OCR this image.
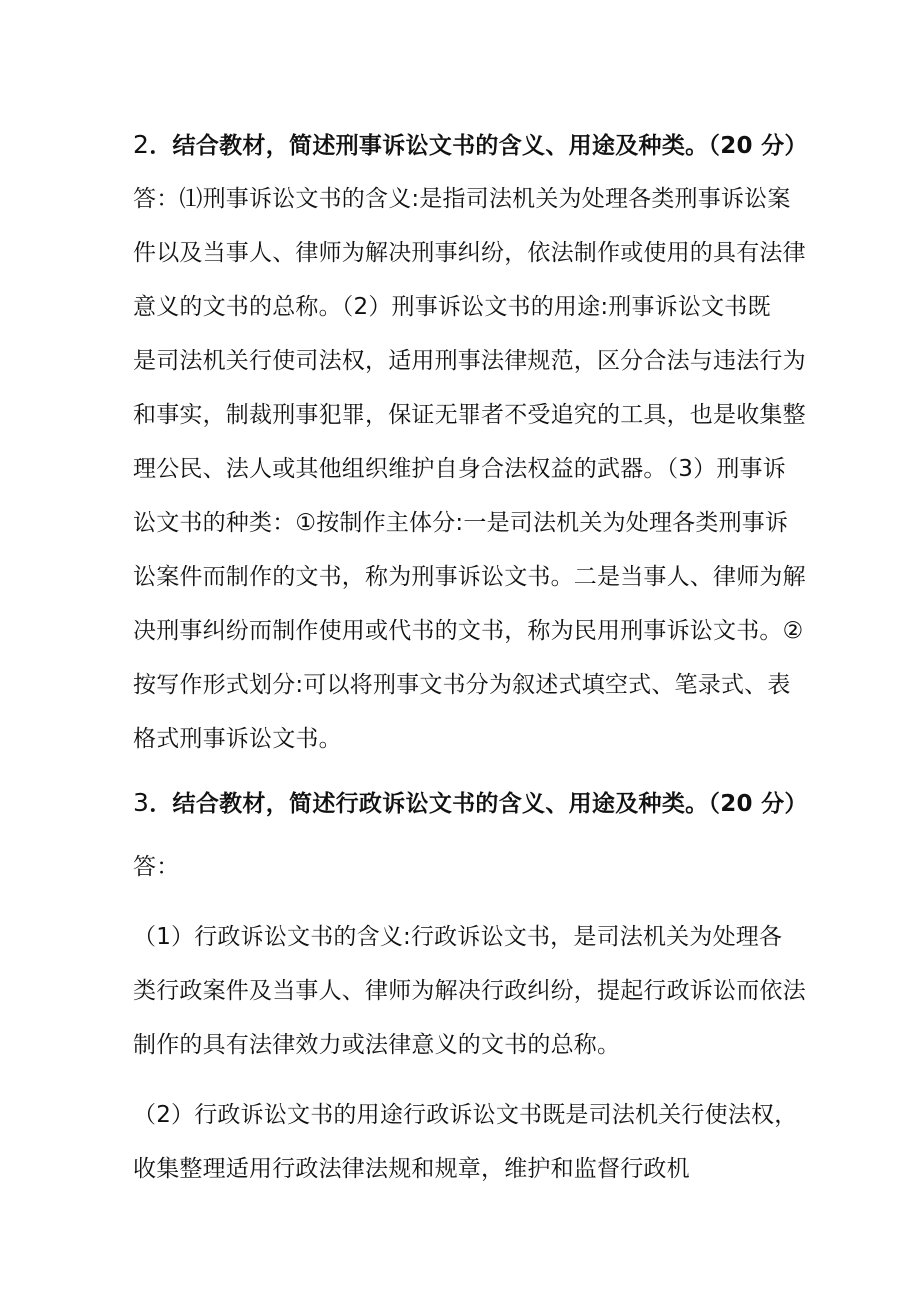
2．结合教材，简述刑事诉讼文书的含义、用途及种类。（20 分）
答：⑴刑事诉讼文书的含义:是指司法机关为处理各类刑事诉讼案
件以及当事人、律师为解决刑事纠纷，依法制作或使用的具有法律
意义的文书的总称。（2）刑事诉讼文书的用途:刑事诉讼文书既
是司法机关行使司法权，适用刑事法律规范，区分合法与违法行为
和事实，制裁刑事犯罪，保证无罪者不受追究的工具，也是收集整
理公民、法人或其他组织维护自身合法权益的武器。（3）刑事诉
讼文书的种类：①按制作主体分:一是司法机关为处理各类刑事诉
讼案件而制作的文书，称为刑事诉讼文书。二是当事人、律师为解
决刑事纠纷而制作使用或代书的文书，称为民用刑事诉讼文书。②
按写作形式划分:可以将刑事文书分为叙述式填空式、笔录式、表
格式刑事诉讼文书。
3．结合教材，简述行政诉讼文书的含义、用途及种类。（20 分）
答：
（1）行政诉讼文书的含义:行政诉讼文书，是司法机关为处理各
类行政案件及当事人、律师为解决行政纠纷，提起行政诉讼而依法
制作的具有法律效力或法律意义的文书的总称。
（2）行政诉讼文书的用途行政诉讼文书既是司法机关行使法权，
收集整理适用行政法律法规和规章，维护和监督行政机
